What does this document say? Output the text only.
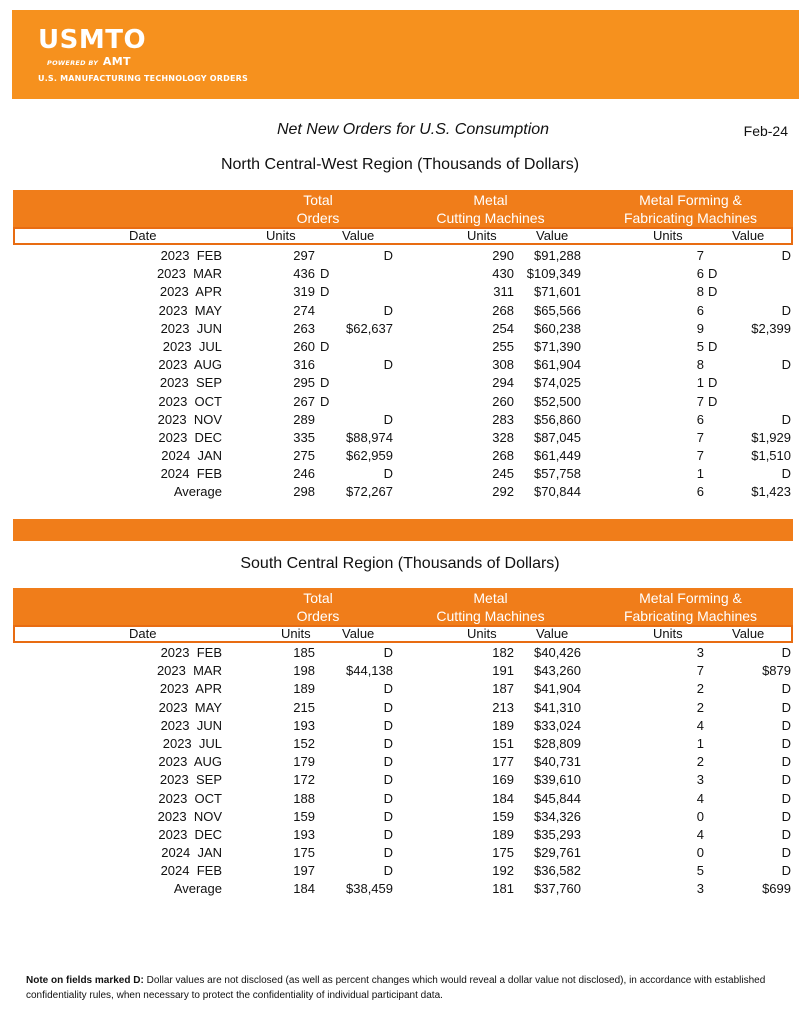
USMTO
POWERED BY AMT
U.S. MANUFACTURING TECHNOLOGY ORDERS
Net New Orders for U.S. Consumption	Feb-24
North Central-West Region (Thousands of Dollars)
Total
Orders
Metal
Cutting Machines
Metal Forming &
Fabricating Machines
Date	Units	Value	Units	Value	Units	Value
2023  FEB	297	D	290 $91,288	7	D
2023  MAR	436 D	430 $109,349	6 D
2023  APR	319 D	311 $71,601	8 D
2023  MAY	274	D	268 $65,566	6	D
2023  JUN	263 $62,637	254 $60,238	9	$2,399
2023  JUL	260 D	255 $71,390	5 D
2023  AUG	316	D	308 $61,904	8	D
2023  SEP	295 D	294 $74,025	1 D
2023  OCT	267 D	260 $52,500	7 D
2023  NOV	289	D	283 $56,860	6	D
2023  DEC	335 $88,974	328 $87,045	7	$1,929
2024  JAN	275 $62,959	268 $61,449	7	$1,510
2024  FEB	246	D	245 $57,758	1	D
Average	298 $72,267	292 $70,844	6	$1,423
South Central Region (Thousands of Dollars)
Total
Orders
Metal
Cutting Machines
Metal Forming &
Fabricating Machines
Date	Units Value	Units	Value	Units	Value
2023  FEB	185	D	182 $40,426	3	D
2023  MAR	198 $44,138	191 $43,260	7	$879
2023  APR	189	D	187 $41,904	2	D
2023  MAY	215	D	213 $41,310	2	D
2023  JUN	193	D	189 $33,024	4	D
2023  JUL	152	D	151 $28,809	1	D
2023  AUG	179	D	177 $40,731	2	D
2023  SEP	172	D	169 $39,610	3	D
2023  OCT	188	D	184 $45,844	4	D
2023  NOV	159	D	159 $34,326	0	D
2023  DEC	193	D	189 $35,293	4	D
2024  JAN	175	D	175 $29,761	0	D
2024  FEB	197	D	192 $36,582	5	D
Average	184 $38,459	181 $37,760	3	$699
Note on fields marked D: Dollar values are not disclosed (as well as percent changes which would reveal a dollar value not disclosed), in accordance with established confidentiality rules, when necessary to protect the confidentiality of individual participant data.
